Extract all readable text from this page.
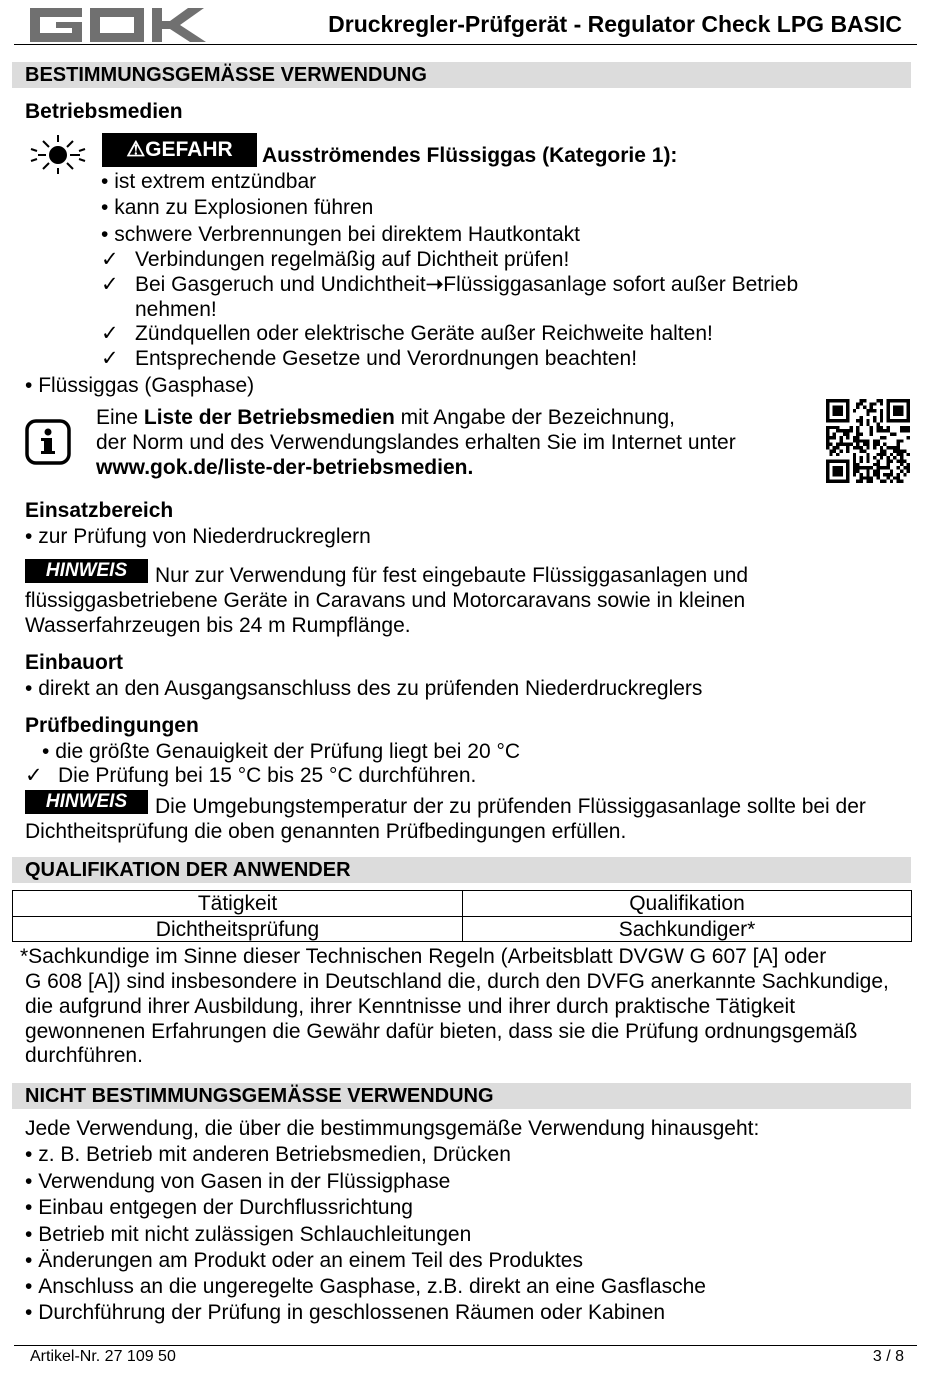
Druckregler-Prüfgerät - Regulator Check LPG BASIC
BESTIMMUNGSGEMÄSSE VERWENDUNG
Betriebsmedien
⚠GEFAHR	Ausströmendes Flüssiggas (Kategorie 1):
• ist extrem entzündbar
• kann zu Explosionen führen
• schwere Verbrennungen bei direktem Hautkontakt
✓ Verbindungen regelmäßig auf Dichtheit prüfen!
✓ Bei Gasgeruch und Undichtheit➝Flüssiggasanlage sofort außer Betrieb
nehmen!
✓ Zündquellen oder elektrische Geräte außer Reichweite halten!
✓ Entsprechende Gesetze und Verordnungen beachten!
• Flüssiggas (Gasphase)
Eine Liste der Betriebsmedien mit Angabe der Bezeichnung,
der Norm und des Verwendungslandes erhalten Sie im Internet unter
www.gok.de/liste-der-betriebsmedien.
Einsatzbereich
• zur Prüfung von Niederdruckreglern
HINWEIS	Nur zur Verwendung für fest eingebaute Flüssiggasanlagen und
flüssiggasbetriebene Geräte in Caravans und Motorcaravans sowie in kleinen
Wasserfahrzeugen bis 24 m Rumpflänge.
Einbauort
• direkt an den Ausgangsanschluss des zu prüfenden Niederdruckreglers
Prüfbedingungen
• die größte Genauigkeit der Prüfung liegt bei 20 °C
✓ Die Prüfung bei 15 °C bis 25 °C durchführen.
HINWEIS	Die Umgebungstemperatur der zu prüfenden Flüssiggasanlage sollte bei der
Dichtheitsprüfung die oben genannten Prüfbedingungen erfüllen.
QUALIFIKATION DER ANWENDER
Tätigkeit	Qualifikation
Dichtheitsprüfung	Sachkundiger*
*Sachkundige im Sinne dieser Technischen Regeln (Arbeitsblatt DVGW G 607 [A] oder
G 608 [A]) sind insbesondere in Deutschland die, durch den DVFG anerkannte Sachkundige,
die aufgrund ihrer Ausbildung, ihrer Kenntnisse und ihrer durch praktische Tätigkeit
gewonnenen Erfahrungen die Gewähr dafür bieten, dass sie die Prüfung ordnungsgemäß
durchführen.
NICHT BESTIMMUNGSGEMÄSSE VERWENDUNG
Jede Verwendung, die über die bestimmungsgemäße Verwendung hinausgeht:
• z. B. Betrieb mit anderen Betriebsmedien, Drücken
• Verwendung von Gasen in der Flüssigphase
• Einbau entgegen der Durchflussrichtung
• Betrieb mit nicht zulässigen Schlauchleitungen
• Änderungen am Produkt oder an einem Teil des Produktes
• Anschluss an die ungeregelte Gasphase, z.B. direkt an eine Gasflasche
• Durchführung der Prüfung in geschlossenen Räumen oder Kabinen
Artikel-Nr. 27 109 50	3 / 8
